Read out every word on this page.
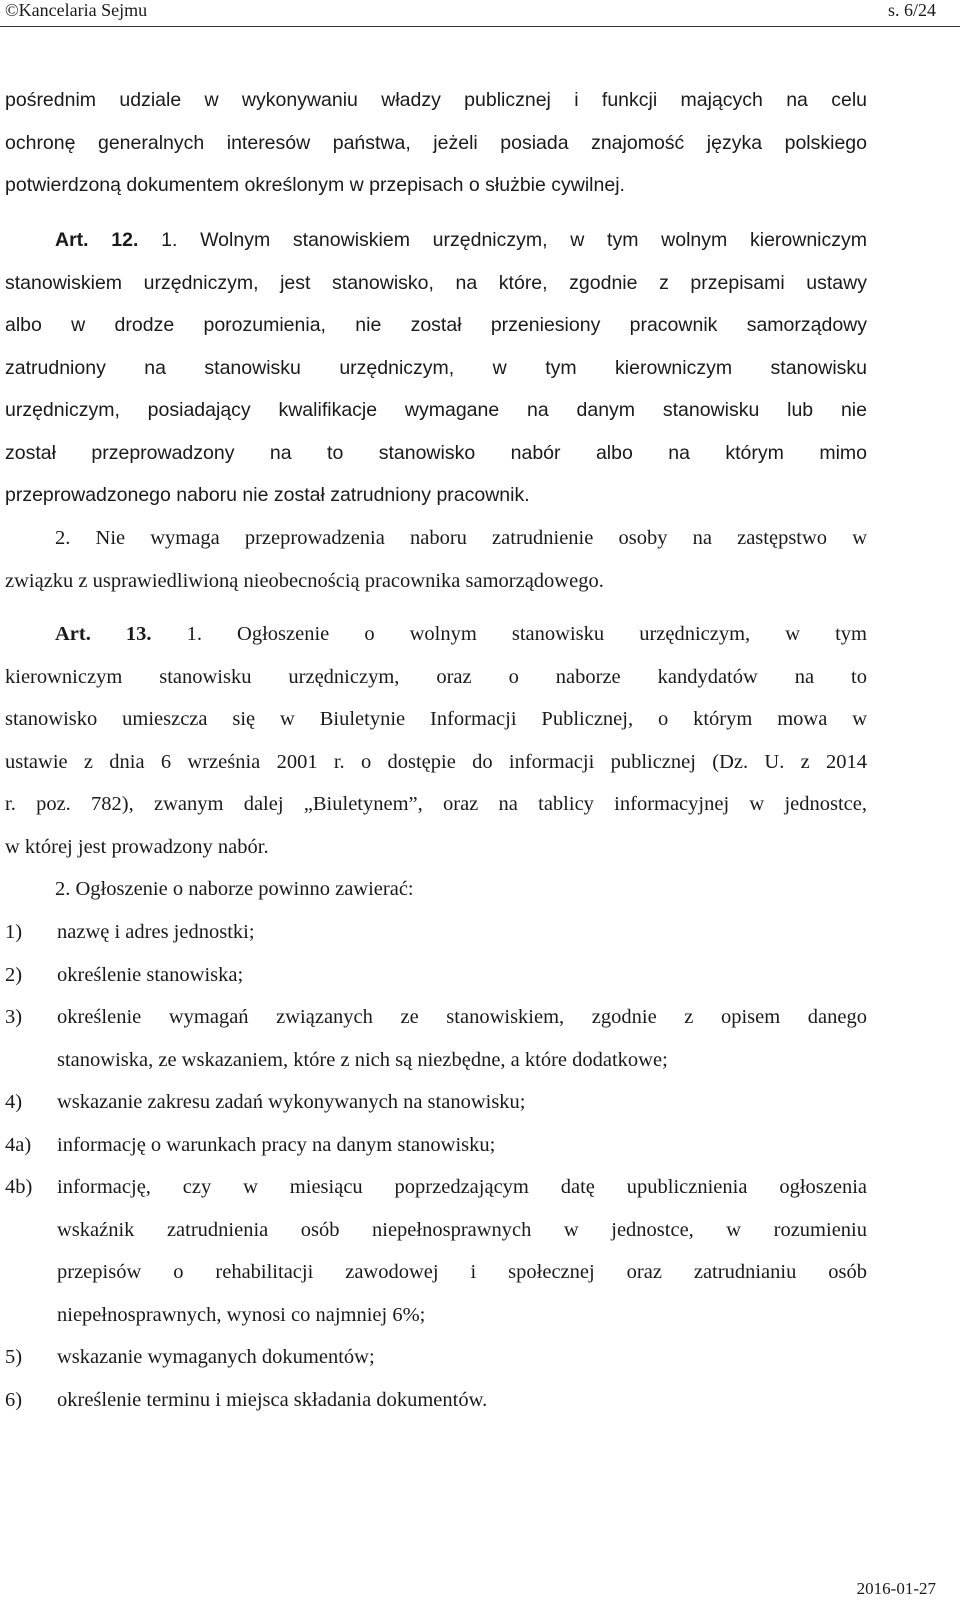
©Kancelaria Sejmu	s. 6/24
pośrednim udziale w wykonywaniu władzy publicznej i funkcji mających na celu
ochronę generalnych interesów państwa, jeżeli posiada znajomość języka polskiego
potwierdzoną dokumentem określonym w przepisach o służbie cywilnej.
Art. 12. 1. Wolnym stanowiskiem urzędniczym, w tym wolnym kierowniczym
stanowiskiem urzędniczym, jest stanowisko, na które, zgodnie z przepisami ustawy
albo w drodze porozumienia, nie został przeniesiony pracownik samorządowy
zatrudniony na stanowisku urzędniczym, w tym kierowniczym stanowisku
urzędniczym, posiadający kwalifikacje wymagane na danym stanowisku lub nie
został przeprowadzony na to stanowisko nabór albo na którym mimo
przeprowadzonego naboru nie został zatrudniony pracownik.
2. Nie wymaga przeprowadzenia naboru zatrudnienie osoby na zastępstwo w
związku z usprawiedliwioną nieobecnością pracownika samorządowego.
Art. 13. 1. Ogłoszenie o wolnym stanowisku urzędniczym, w tym
kierowniczym stanowisku urzędniczym, oraz o naborze kandydatów na to
stanowisko umieszcza się w Biuletynie Informacji Publicznej, o którym mowa w
ustawie z dnia 6 września 2001 r. o dostępie do informacji publicznej (Dz. U. z 2014
r. poz. 782), zwanym dalej „Biuletynem”, oraz na tablicy informacyjnej w jednostce,
w której jest prowadzony nabór.
2. Ogłoszenie o naborze powinno zawierać:
1) nazwę i adres jednostki;
2) określenie stanowiska;
3) określenie wymagań związanych ze stanowiskiem, zgodnie z opisem danego
stanowiska, ze wskazaniem, które z nich są niezbędne, a które dodatkowe;
4) wskazanie zakresu zadań wykonywanych na stanowisku;
4a) informację o warunkach pracy na danym stanowisku;
4b) informację, czy w miesiącu poprzedzającym datę upublicznienia ogłoszenia
wskaźnik zatrudnienia osób niepełnosprawnych w jednostce, w rozumieniu
przepisów o rehabilitacji zawodowej i społecznej oraz zatrudnianiu osób
niepełnosprawnych, wynosi co najmniej 6%;
5) wskazanie wymaganych dokumentów;
6) określenie terminu i miejsca składania dokumentów.
2016-01-27
